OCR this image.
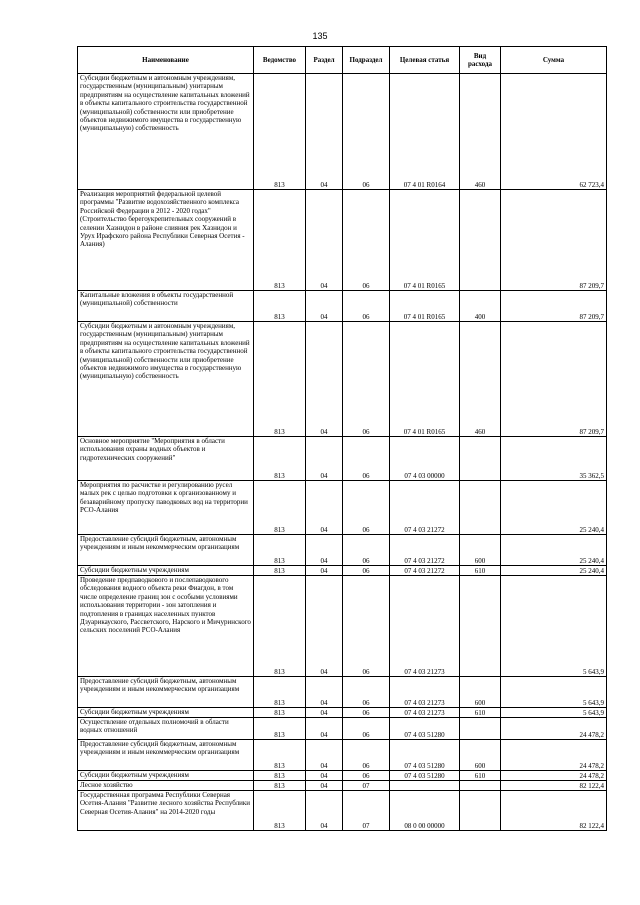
135
Наименование	Ведомство	Раздел	Подраздел	Целевая статья	Вид расхода	Сумма
Субсидии бюджетным и автономным учреждениям, государственным (муниципальным) унитарным предприятиям на осуществление капитальных вложений в объекты капитального строительства государственной (муниципальной) собственности или приобретение объектов недвижимого имущества в государственную (муниципальную) собственность	813	04	06	07 4 01 R0164	460	62 723,4
Реализация мероприятий федеральной целевой программы "Развитие водохозяйственного комплекса Российской Федерации в 2012 - 2020 годах" (Строительство берегоукрепительных сооружений в селении Хазнидон в районе слияния рек Хазнидон и Урух Ирафского района Республики Северная Осетия - Алания)	813	04	06	07 4 01 R0165		87 209,7
Капитальные вложения в объекты государственной (муниципальной) собственности	813	04	06	07 4 01 R0165	400	87 209,7
Субсидии бюджетным и автономным учреждениям, государственным (муниципальным) унитарным предприятиям на осуществление капитальных вложений в объекты капитального строительства государственной (муниципальной) собственности или приобретение объектов недвижимого имущества в государственную (муниципальную) собственность	813	04	06	07 4 01 R0165	460	87 209,7
Основное мероприятие "Мероприятия в области использования охраны водных объектов и гидротехнических сооружений"	813	04	06	07 4 03 00000		35 362,5
Мероприятия по расчистке и регулированию русел малых рек с целью подготовки к организованному и безаварийному пропуску паводковых вод на территории РСО-Алания	813	04	06	07 4 03 21272		25 240,4
Предоставление субсидий бюджетным, автономным учреждениям и иным некоммерческим организациям	813	04	06	07 4 03 21272	600	25 240,4
Субсидии бюджетным учреждениям	813	04	06	07 4 03 21272	610	25 240,4
Проведение предпаводкового и послепаводкового обследования водного объекта реки Фиагдон, в том числе определение границ зон с особыми условиями использования территории - зон затопления и подтопления в границах населенных пунктов Дзуарикауского, Рассветского, Нарского и Мичуринского сельских поселений РСО-Алания	813	04	06	07 4 03 21273		5 643,9
Предоставление субсидий бюджетным, автономным учреждениям и иным некоммерческим организациям	813	04	06	07 4 03 21273	600	5 643,9
Субсидии бюджетным учреждениям	813	04	06	07 4 03 21273	610	5 643,9
Осуществление отдельных полномочий в области водных отношений	813	04	06	07 4 03 51280		24 478,2
Предоставление субсидий бюджетным, автономным учреждениям и иным некоммерческим организациям	813	04	06	07 4 03 51280	600	24 478,2
Субсидии бюджетным учреждениям	813	04	06	07 4 03 51280	610	24 478,2
Лесное хозяйство	813	04	07			82 122,4
Государственная программа Республики Северная Осетия-Алания "Развитие лесного хозяйства Республики Северная Осетия-Алания" на 2014-2020 годы	813	04	07	08 0 00 00000		82 122,4
